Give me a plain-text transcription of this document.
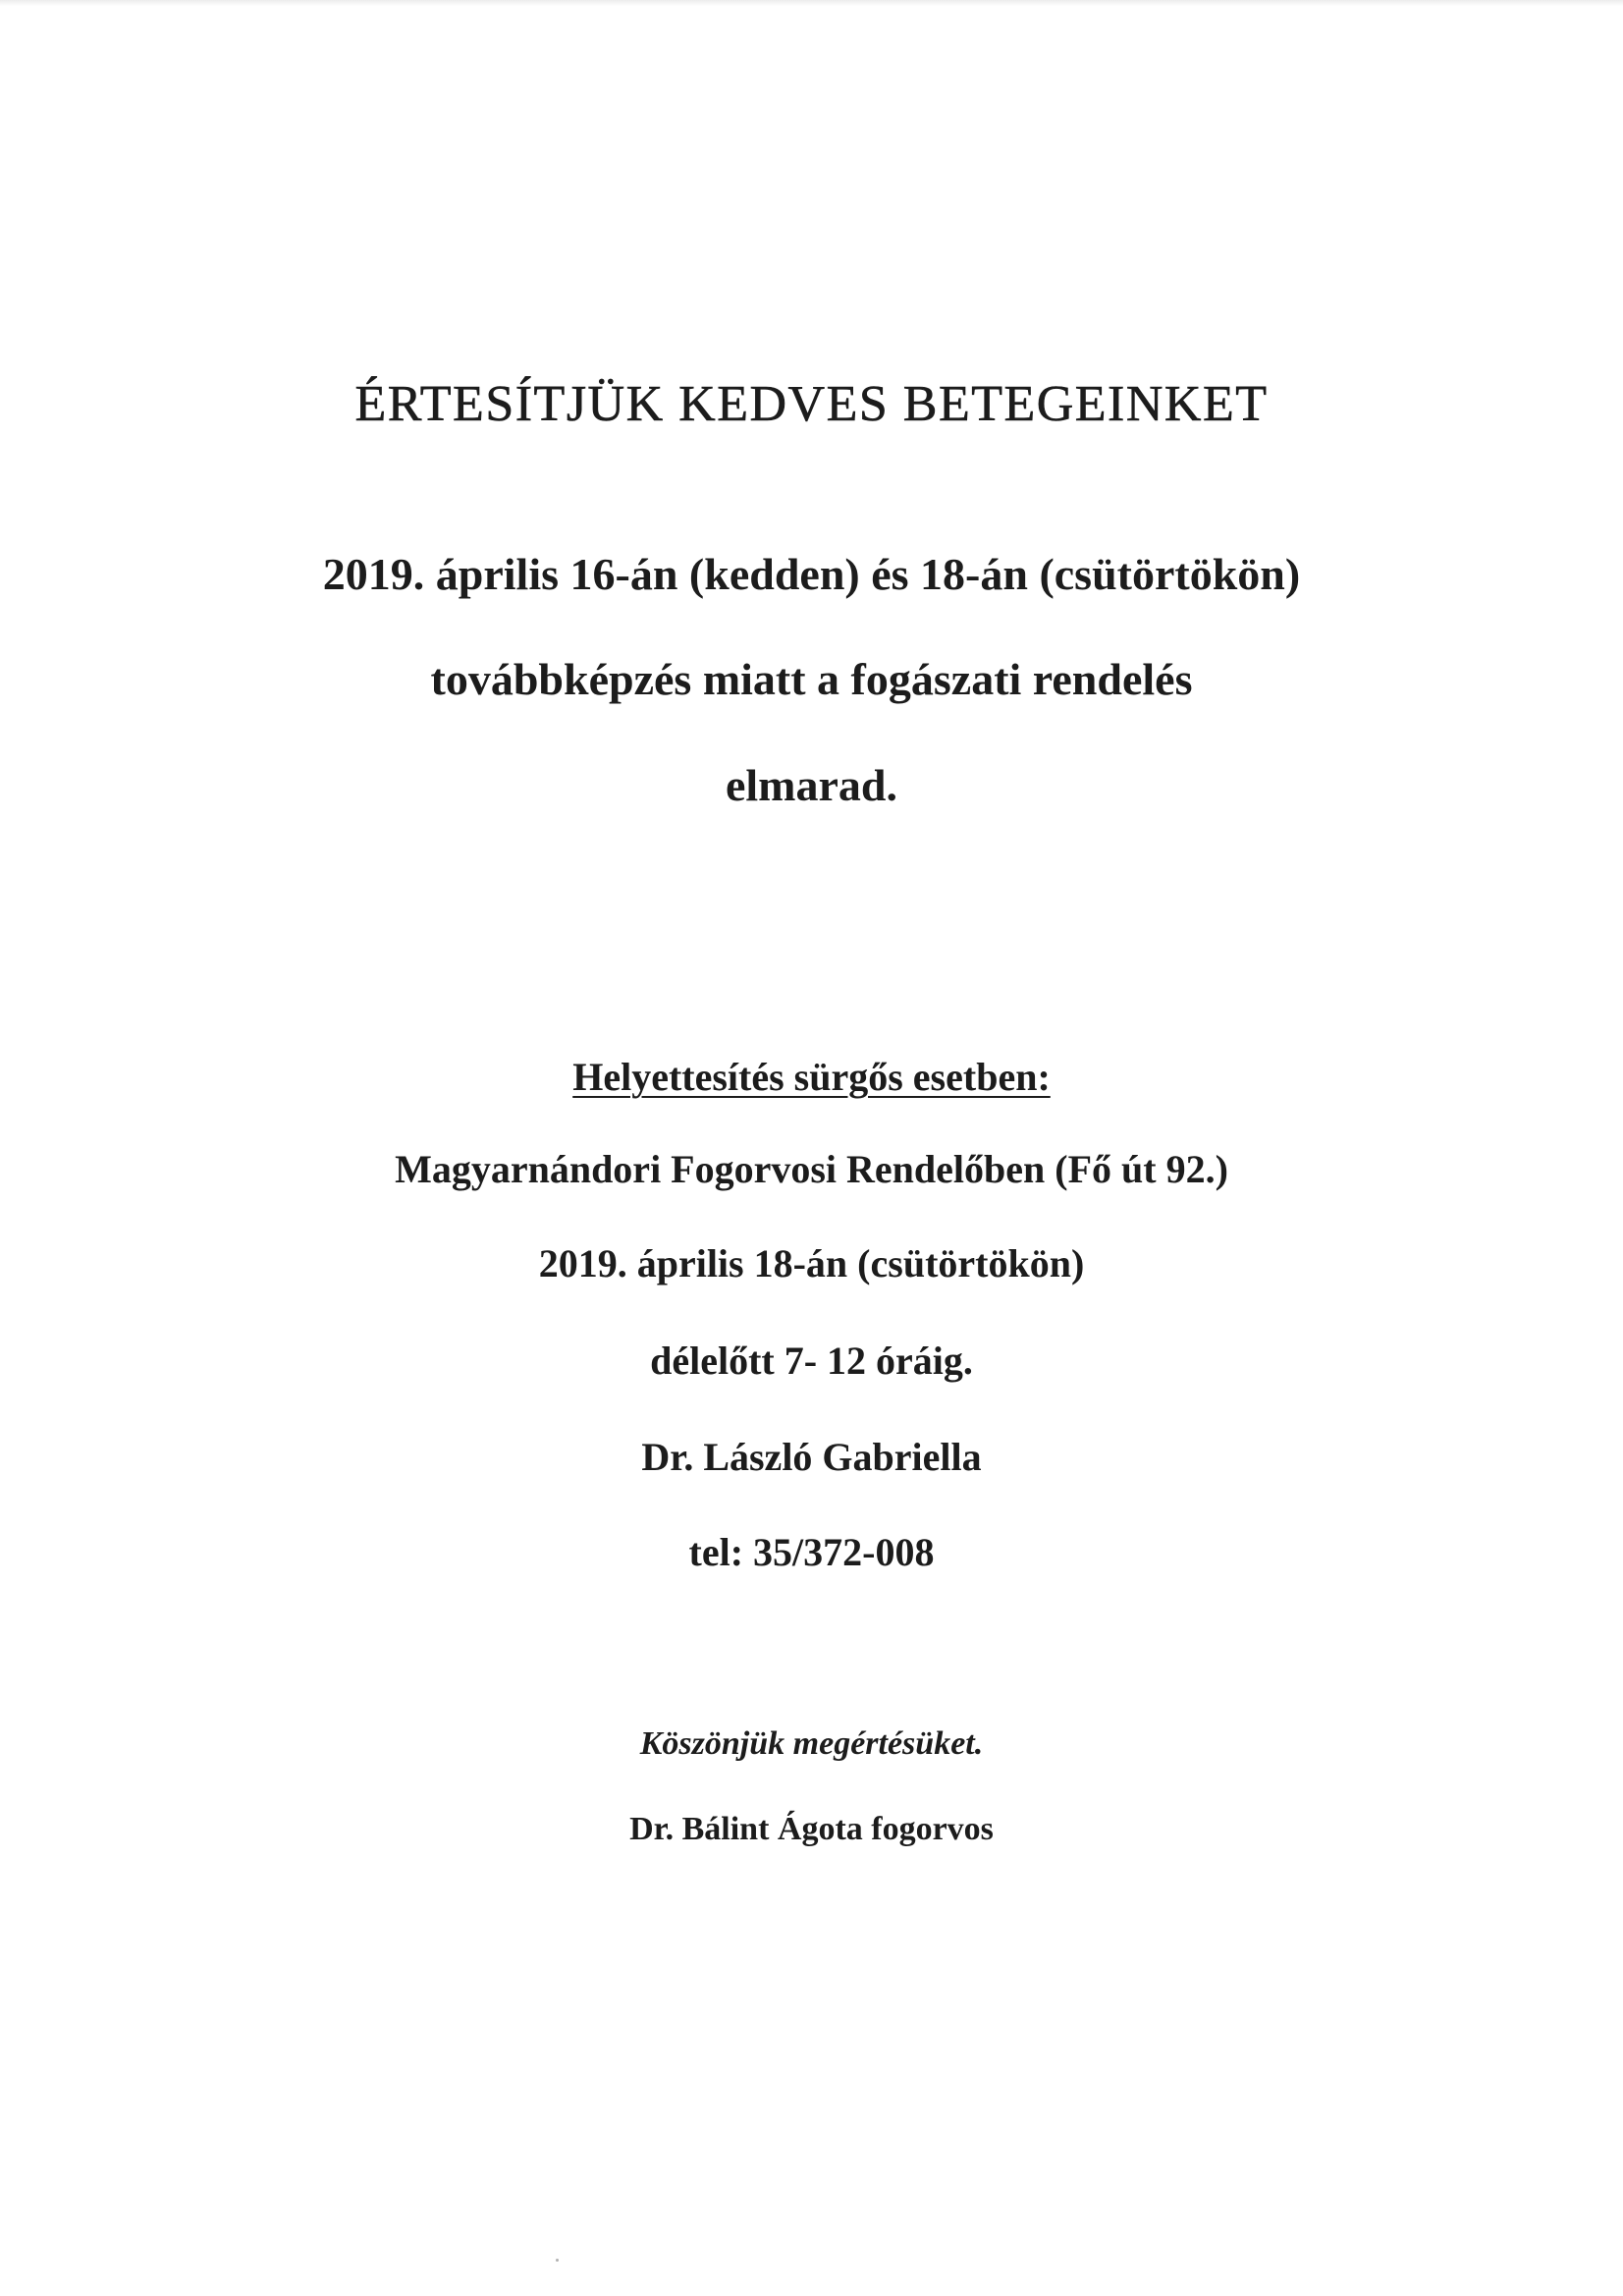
ÉRTESÍTJÜK KEDVES BETEGEINKET
2019. április 16-án (kedden) és 18-án (csütörtökön)
továbbképzés miatt a fogászati rendelés
elmarad.
Helyettesítés sürgős esetben:
Magyarnándori Fogorvosi Rendelőben (Fő út 92.)
2019. április 18-án (csütörtökön)
délelőtt 7- 12 óráig.
Dr. László Gabriella
tel: 35/372-008
Köszönjük megértésüket.
Dr. Bálint Ágota fogorvos
